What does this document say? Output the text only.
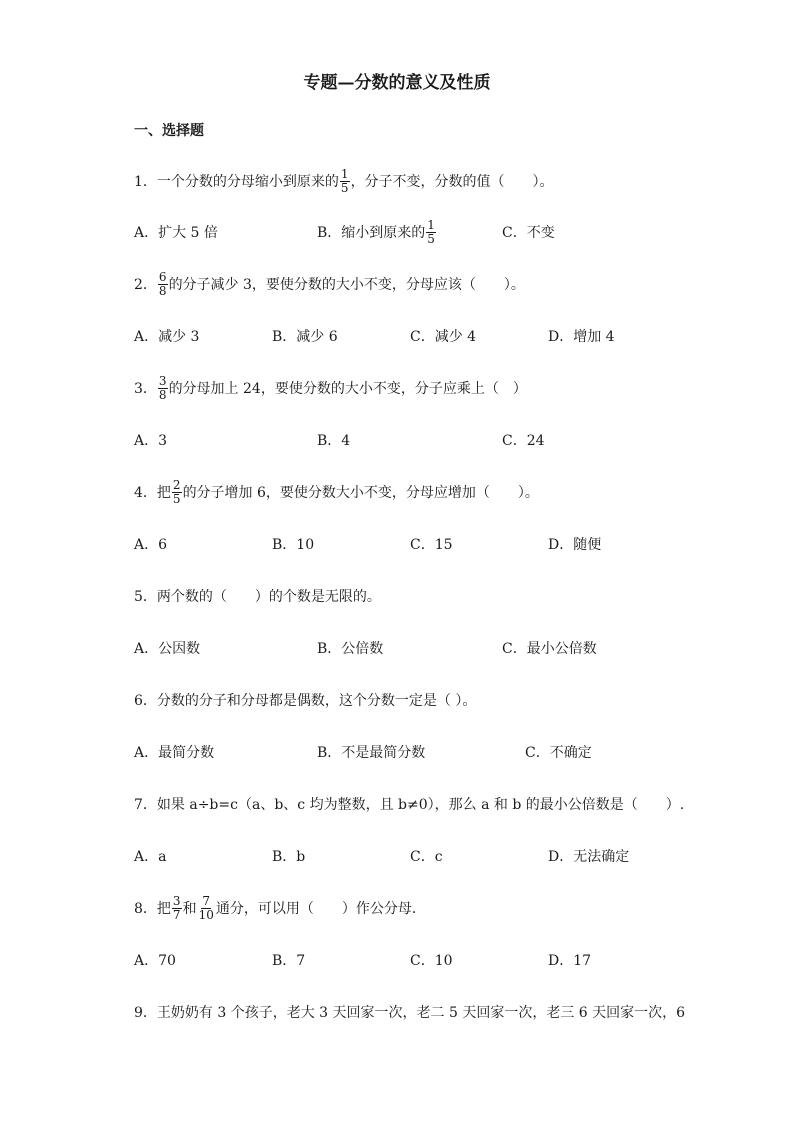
专题—分数的意义及性质
一、选择题
1．一个分数的分母缩小到原来的 $\frac{1}{5}$ ，分子不变，分数的值（　　）。
A．扩大 5 倍	B．缩小到原来的 $\frac{1}{5}$	C．不变
2． $\frac{6}{8}$ 的分子减少 3，要使分数的大小不变，分母应该（　　）。
A．减少 3	B．减少 6	C．减少 4	D．增加 4
3． $\frac{3}{8}$ 的分母加上 24，要使分数的大小不变，分子应乘上（　）
A．3	B．4	C．24
4．把 $\frac{2}{5}$ 的分子增加 6，要使分数大小不变，分母应增加（　　）。
A．6	B．10	C．15	D．随便
5．两个数的（　　）的个数是无限的。
A．公因数	B．公倍数	C．最小公倍数
6．分数的分子和分母都是偶数，这个分数一定是（ ）。
A．最简分数	B．不是最简分数	C．不确定
7．如果 a÷b=c（a、b、c 均为整数，且 b≠0），那么 a 和 b 的最小公倍数是（　　）.
A．a	B．b	C．c	D．无法确定
8．把 $\frac{3}{7}$ 和 $\frac{7}{10}$ 通分，可以用（　　）作公分母．
A．70	B．7	C．10	D．17
9．王奶奶有 3 个孩子，老大 3 天回家一次，老二 5 天回家一次，老三 6 天回家一次，6
